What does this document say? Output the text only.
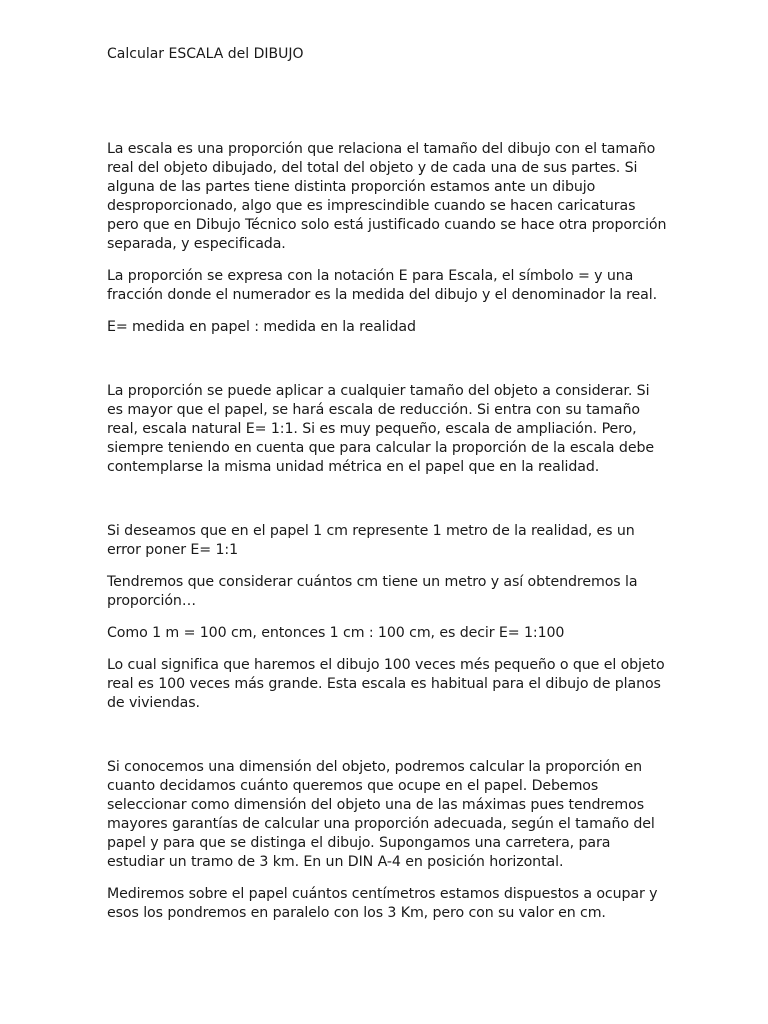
Calcular ESCALA del DIBUJO
La escala es una proporción que relaciona el tamaño del dibujo con el tamaño
real del objeto dibujado, del total del objeto y de cada una de sus partes. Si
alguna de las partes tiene distinta proporción estamos ante un dibujo
desproporcionado, algo que es imprescindible cuando se hacen caricaturas
pero que en Dibujo Técnico solo está justificado cuando se hace otra proporción
separada, y especificada.
La proporción se expresa con la notación E para Escala, el símbolo = y una
fracción donde el numerador es la medida del dibujo y el denominador la real.
E= medida en papel : medida en la realidad
La proporción se puede aplicar a cualquier tamaño del objeto a considerar. Si
es mayor que el papel, se hará escala de reducción. Si entra con su tamaño
real, escala natural E= 1:1. Si es muy pequeño, escala de ampliación. Pero,
siempre teniendo en cuenta que para calcular la proporción de la escala debe
contemplarse la misma unidad métrica en el papel que en la realidad.
Si deseamos que en el papel 1 cm represente 1 metro de la realidad, es un
error poner E= 1:1
Tendremos que considerar cuántos cm tiene un metro y así obtendremos la
proporción…
Como 1 m = 100 cm, entonces 1 cm : 100 cm, es decir E= 1:100
Lo cual significa que haremos el dibujo 100 veces més pequeño o que el objeto
real es 100 veces más grande. Esta escala es habitual para el dibujo de planos
de viviendas.
Si conocemos una dimensión del objeto, podremos calcular la proporción en
cuanto decidamos cuánto queremos que ocupe en el papel. Debemos
seleccionar como dimensión del objeto una de las máximas pues tendremos
mayores garantías de calcular una proporción adecuada, según el tamaño del
papel y para que se distinga el dibujo. Supongamos una carretera, para
estudiar un tramo de 3 km. En un DIN A-4 en posición horizontal.
Mediremos sobre el papel cuántos centímetros estamos dispuestos a ocupar y
esos los pondremos en paralelo con los 3 Km, pero con su valor en cm.
